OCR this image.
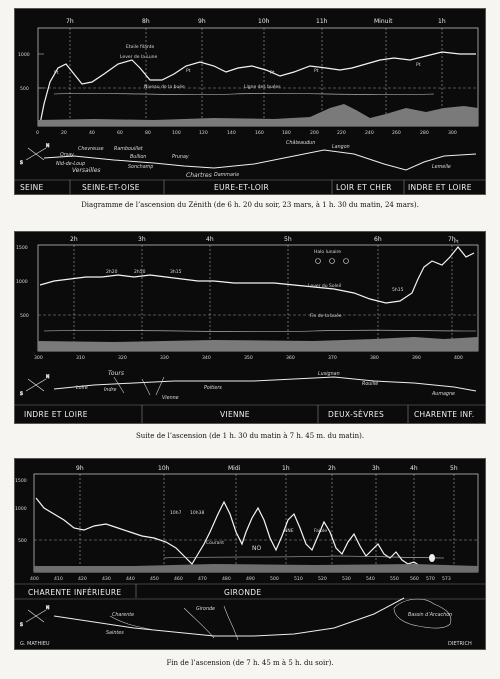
7h	8h	9h	10h	11h	Minuit	1h
1000
500
Etoile filante
Lever de la Lune
Niveau de la buée	Ligne des buées
Pt	Pt	Pt	Pt
Pt
0	20	40	60	80	100	120	140	160	180	200	220	240	260	280	300
S
N
Orsay
Chevreuse
Versailles
Nid-de-Loup
Rambouillet
Bullion
Sonchamp
Prunay
Chartres Dammarie
Châteaudun
Langon
Lemelle
SEINE	SEINE-ET-OISE	EURE-ET-LOIR	LOIR ET CHER INDRE ET LOIRE
Diagramme de l’ascension du Zénith (de 6 h. 20 du soir, 23 mars, à 1 h. 30 du matin, 24 mars).
2h	3h	4h	5h	6h	7h
1500
1000
500
2h20	2h50	3h15
Halo lunaire
Lever du Soleil
Fin de la buée
5h15
Pt
300	310	320	330	340	350	360	370	380	390	400
S
N
Tours
Loire	Indre
Vienne
Poitiers
Lusignan
Rouillé
Aumagne
INDRE ET LOIRE	VIENNE	DEUX-SÈVRES	CHARENTE INF.
Suite de l’ascension (de 1 h. 30 du matin à 7 h. 45 m. du matin).
9h	10h	Midi	1h	2h	3h	4h	5h
1500
1000
500
10h7 10h38
Courant
NO
NNE	Faible
400	410	420	430	440	450	460	470	480	490	500	510	520	530	540	550 560 570 573
CHARENTE INFÉRIEURE	GIRONDE
S
N
Charente
Saintes
Gironde
Bassin d’Arcachon
G. MATHIEU	DIETRICH
Fin de l’ascension (de 7 h. 45 m à 5 h. du soir).
